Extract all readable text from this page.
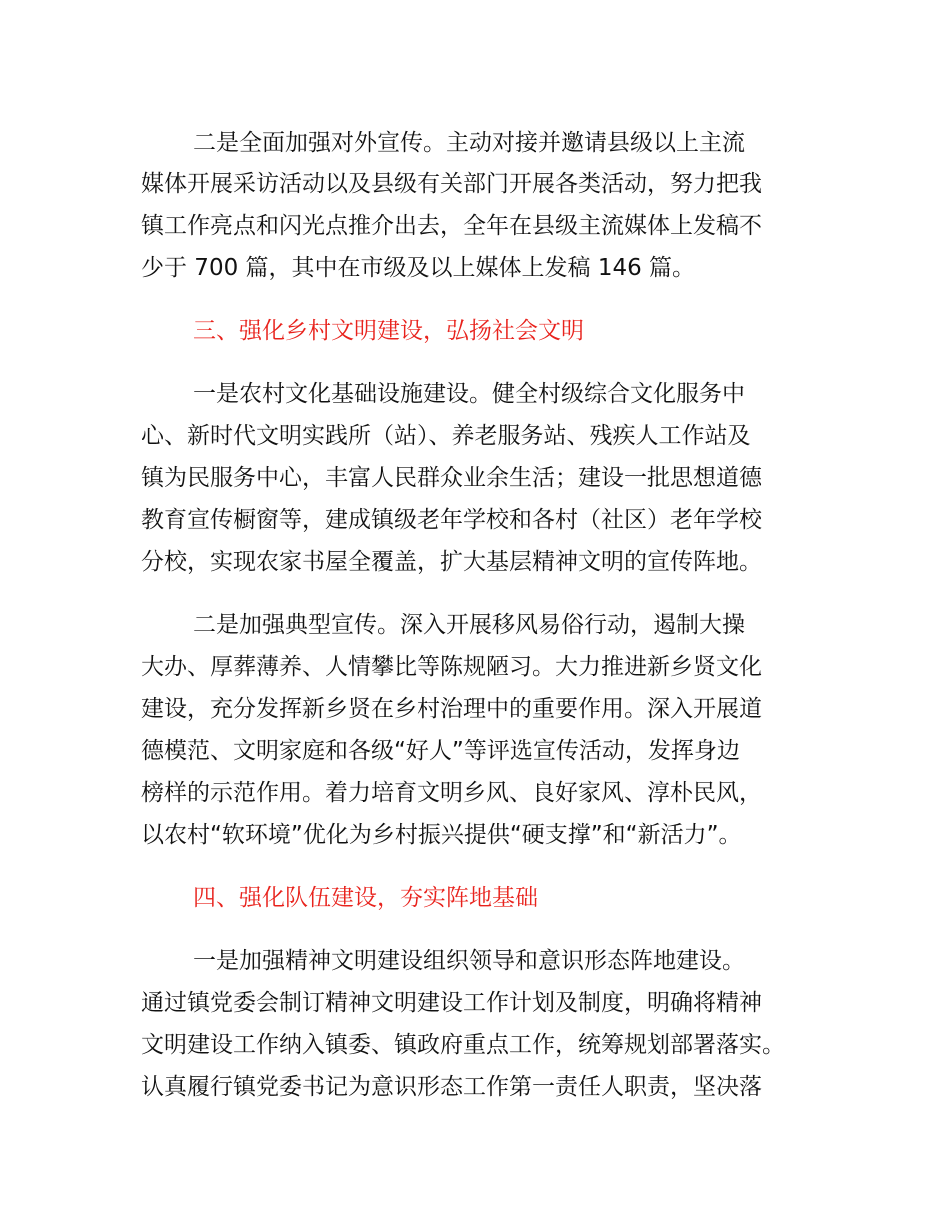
二是全面加强对外宣传。主动对接并邀请县级以上主流

媒体开展采访活动以及县级有关部门开展各类活动，努力把我

镇工作亮点和闪光点推介出去，全年在县级主流媒体上发稿不

少于 700 篇，其中在市级及以上媒体上发稿 146 篇。

三、强化乡村文明建设，弘扬社会文明

一是农村文化基础设施建设。健全村级综合文化服务中

心、新时代文明实践所（站）、养老服务站、残疾人工作站及

镇为民服务中心，丰富人民群众业余生活；建设一批思想道德

教育宣传橱窗等，建成镇级老年学校和各村（社区）老年学校

分校，实现农家书屋全覆盖，扩大基层精神文明的宣传阵地。

二是加强典型宣传。深入开展移风易俗行动，遏制大操

大办、厚葬薄养、人情攀比等陈规陋习。大力推进新乡贤文化

建设，充分发挥新乡贤在乡村治理中的重要作用。深入开展道

德模范、文明家庭和各级“好人”等评选宣传活动，发挥身边

榜样的示范作用。着力培育文明乡风、良好家风、淳朴民风，

以农村“软环境”优化为乡村振兴提供“硬支撑”和“新活力”。

四、强化队伍建设，夯实阵地基础

一是加强精神文明建设组织领导和意识形态阵地建设。

通过镇党委会制订精神文明建设工作计划及制度，明确将精神

文明建设工作纳入镇委、镇政府重点工作，统筹规划部署落实。

认真履行镇党委书记为意识形态工作第一责任人职责，坚决落
